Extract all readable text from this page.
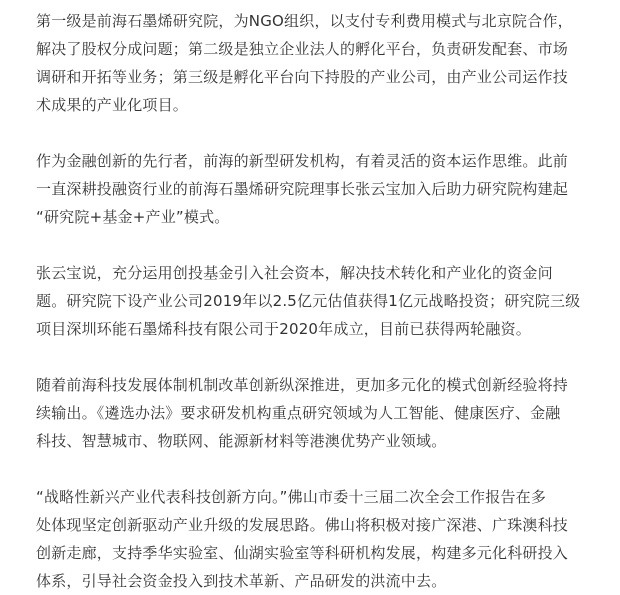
第一级是前海石墨烯研究院，为NGO组织，以支付专利费用模式与北京院合作，
解决了股权分成问题；第二级是独立企业法人的孵化平台，负责研发配套、市场
调研和开拓等业务；第三级是孵化平台向下持股的产业公司，由产业公司运作技
术成果的产业化项目。
作为金融创新的先行者，前海的新型研发机构，有着灵活的资本运作思维。此前
一直深耕投融资行业的前海石墨烯研究院理事长张云宝加入后助力研究院构建起
“研究院+基金+产业”模式。
张云宝说，充分运用创投基金引入社会资本，解决技术转化和产业化的资金问
题。研究院下设产业公司2019年以2.5亿元估值获得1亿元战略投资；研究院三级
项目深圳环能石墨烯科技有限公司于2020年成立，目前已获得两轮融资。
随着前海科技发展体制机制改革创新纵深推进，更加多元化的模式创新经验将持
续输出。《遴选办法》要求研发机构重点研究领域为人工智能、健康医疗、金融
科技、智慧城市、物联网、能源新材料等港澳优势产业领域。
“战略性新兴产业代表科技创新方向。”佛山市委十三届二次全会工作报告在多
处体现坚定创新驱动产业升级的发展思路。佛山将积极对接广深港、广珠澳科技
创新走廊，支持季华实验室、仙湖实验室等科研机构发展，构建多元化科研投入
体系，引导社会资金投入到技术革新、产品研发的洪流中去。
